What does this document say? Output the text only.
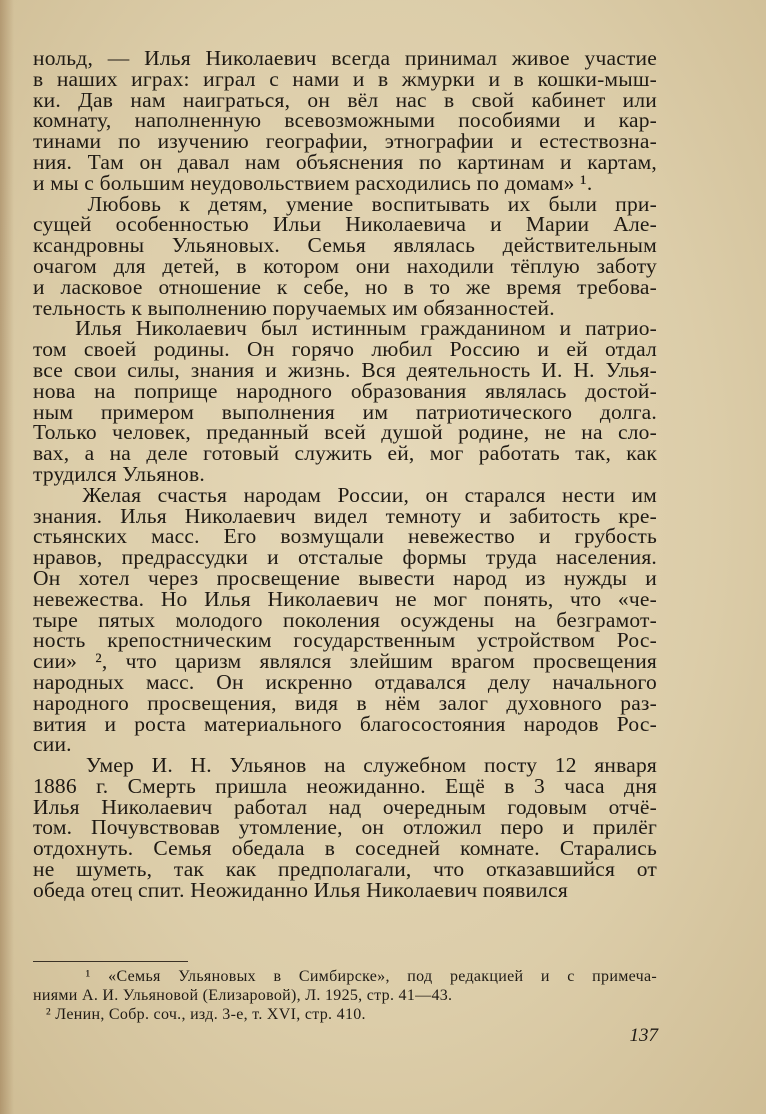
нольд, — Илья Николаевич всегда принимал живое участие
в наших играх: играл с нами и в жмурки и в кошки-мыш-
ки. Дав нам наиграться, он вёл нас в свой кабинет или
комнату, наполненную всевозможными пособиями и кар-
тинами по изучению географии, этнографии и естествозна-
ния. Там он давал нам объяснения по картинам и картам,
и мы с большим неудовольствием расходились по домам» ¹.
Любовь к детям, умение воспитывать их были при-
сущей особенностью Ильи Николаевича и Марии Але-
ксандровны Ульяновых. Семья являлась действительным
очагом для детей, в котором они находили тёплую заботу
и ласковое отношение к себе, но в то же время требова-
тельность к выполнению поручаемых им обязанностей.
Илья Николаевич был истинным гражданином и патрио-
том своей родины. Он горячо любил Россию и ей отдал
все свои силы, знания и жизнь. Вся деятельность И. Н. Улья-
нова на поприще народного образования являлась достой-
ным примером выполнения им патриотического долга.
Только человек, преданный всей душой родине, не на сло-
вах, а на деле готовый служить ей, мог работать так, как
трудился Ульянов.
Желая счастья народам России, он старался нести им
знания. Илья Николаевич видел темноту и забитость кре-
стьянских масс. Его возмущали невежество и грубость
нравов, предрассудки и отсталые формы труда населения.
Он хотел через просвещение вывести народ из нужды и
невежества. Но Илья Николаевич не мог понять, что «че-
тыре пятых молодого поколения осуждены на безграмот-
ность крепостническим государственным устройством Рос-
сии» ², что царизм являлся злейшим врагом просвещения
народных масс. Он искренно отдавался делу начального
народного просвещения, видя в нём залог духовного раз-
вития и роста материального благосостояния народов Рос-
сии.
Умер И. Н. Ульянов на служебном посту 12 января
1886 г. Смерть пришла неожиданно. Ещё в 3 часа дня
Илья Николаевич работал над очередным годовым отчё-
том. Почувствовав утомление, он отложил перо и прилёг
отдохнуть. Семья обедала в соседней комнате. Старались
не шуметь, так как предполагали, что отказавшийся от
обеда отец спит. Неожиданно Илья Николаевич появился
¹ «Семья Ульяновых в Симбирске», под редакцией и с примеча-
ниями А. И. Ульяновой (Елизаровой), Л. 1925, стр. 41—43.
² Ленин, Собр. соч., изд. 3-е, т. XVI, стр. 410.
137
